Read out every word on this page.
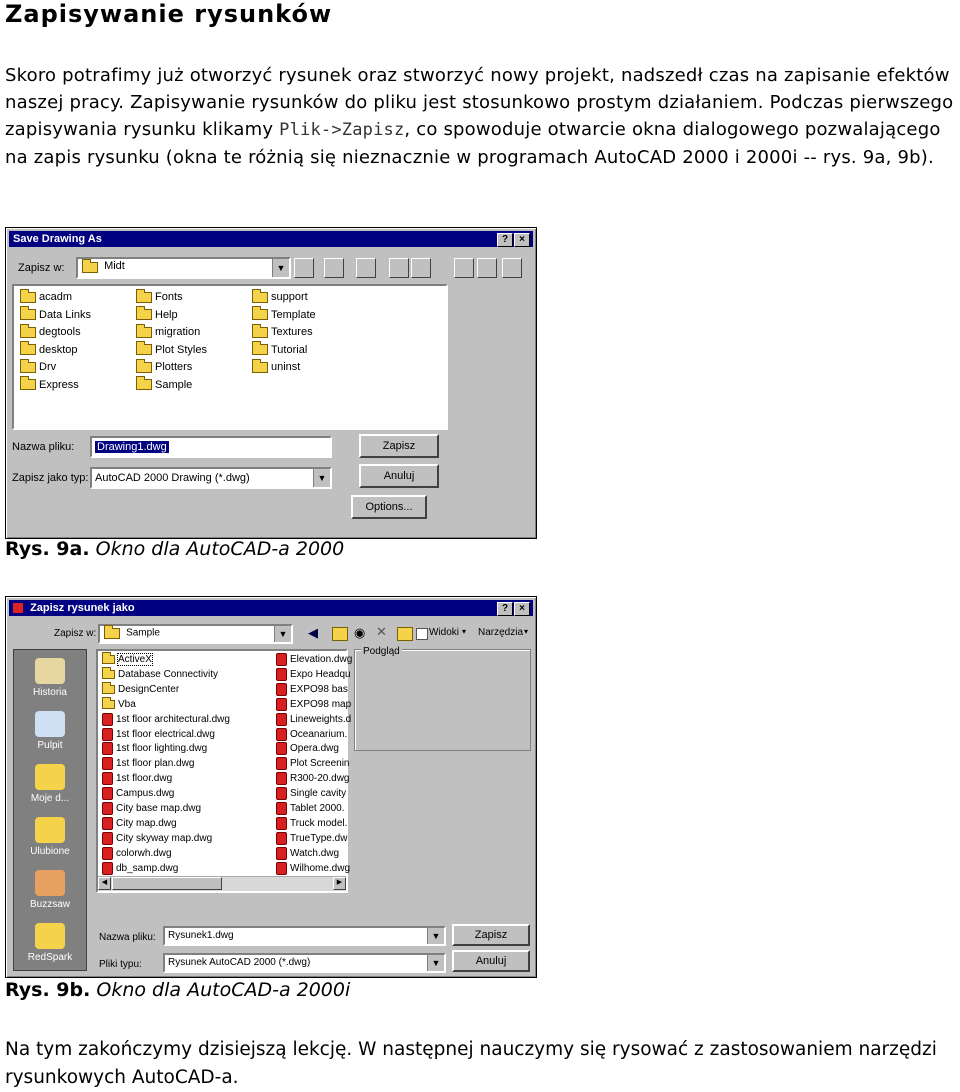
Zapisywanie rysunków

Skoro potrafimy już otworzyć rysunek oraz stworzyć nowy projekt, nadszedł czas na zapisanie efektów naszej pracy. Zapisywanie rysunków do pliku jest stosunkowo prostym działaniem. Podczas pierwszego zapisywania rysunku klikamy Plik->Zapisz, co spowoduje otwarcie okna dialogowego pozwalającego na zapis rysunku (okna te różnią się nieznacznie w programach AutoCAD 2000 i 2000i -- rys. 9a, 9b).

Save Drawing As	?	×
Zapisz w:	Midt	▼
acadm
Data Links
degtools
desktop
Drv
Express
Fonts
Help
migration
Plot Styles
Plotters
Sample
support
Template
Textures
Tutorial
uninst
Nazwa pliku:	Drawing1.dwg
Zapisz jako typ: AutoCAD 2000 Drawing (*.dwg)	▼
Zapisz
Anuluj
Options...

Rys. 9a. Okno dla AutoCAD-a 2000

Zapisz rysunek jako	?	×
Zapisz w:	Sample	▼ ◀	◉ ✕	Widoki ▾ Narzędzia ▾
Historia
Pulpit
Moje d...
Ulubione
Buzzsaw
RedSpark
ActiveX
Database Connectivity
DesignCenter
Vba
1st floor architectural.dwg
1st floor electrical.dwg
1st floor lighting.dwg
1st floor plan.dwg
1st floor.dwg
Campus.dwg
City base map.dwg
City map.dwg
City skyway map.dwg
colorwh.dwg
db_samp.dwg
Elevation.dwg
Expo Headqu
EXPO98 bas
EXPO98 map
Lineweights.d
Oceanarium.
Opera.dwg
Plot Screenin
R300-20.dwg
Single cavity
Tablet 2000.
Truck model.
TrueType.dw
Watch.dwg
Wilhome.dwg
◀	▶
Podgląd
Nazwa pliku:	Rysunek1.dwg	▼
Pliki typu:	Rysunek AutoCAD 2000 (*.dwg)	▼
Zapisz
Anuluj

Rys. 9b. Okno dla AutoCAD-a 2000i

Na tym zakończymy dzisiejszą lekcję. W następnej nauczymy się rysować z zastosowaniem narzędzi rysunkowych AutoCAD-a.
